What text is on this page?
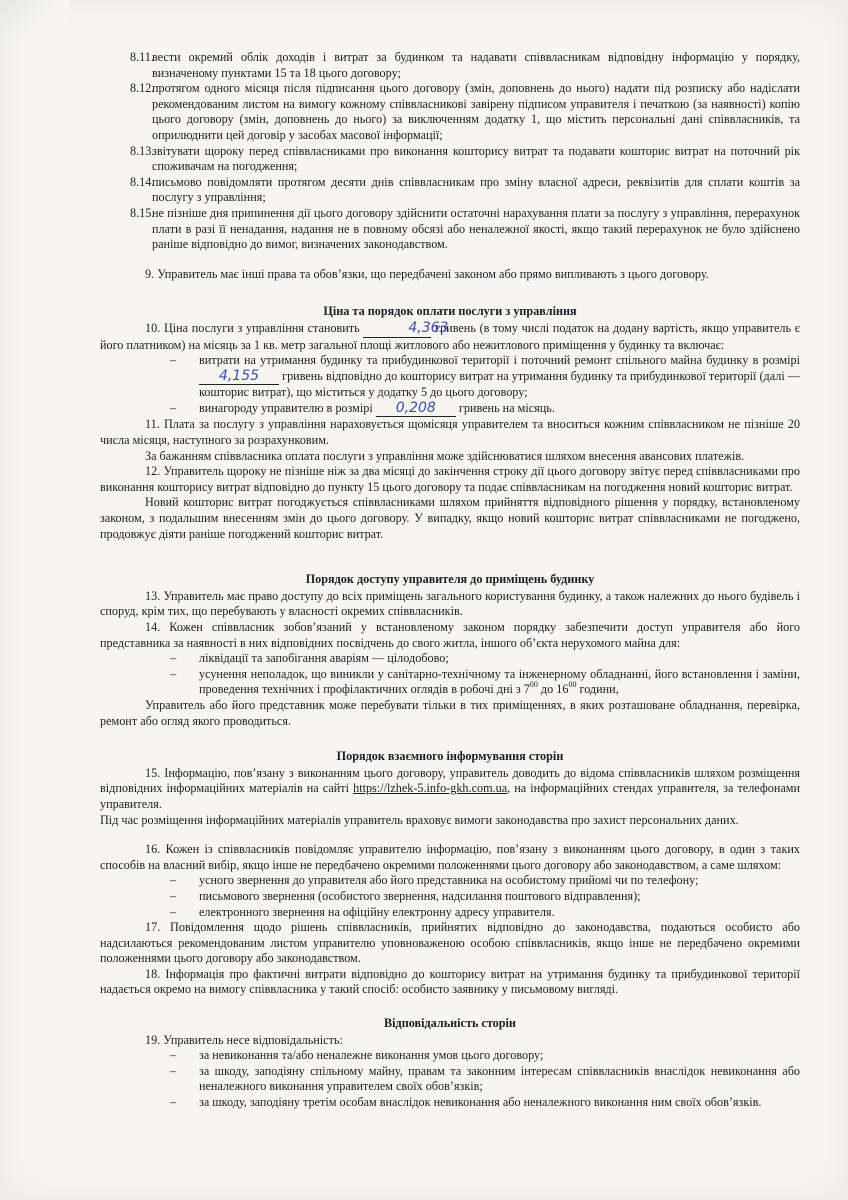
8.11.
вести окремий облік доходів і витрат за будинком та надавати співвласникам відповідну інформацію у порядку, визначеному пунктами 15 та 18 цього договору;
8.12.
протягом одного місяця після підписання цього договору (змін, доповнень до нього) надати під розписку або надіслати рекомендованим листом на вимогу кожному співвласникові завірену підписом управителя і печаткою (за наявності) копію цього договору (змін, доповнень до нього) за виключенням додатку 1, що містить персональні дані співвласників, та оприлюднити цей договір у засобах масової інформації;
8.13.
звітувати щороку перед співвласниками про виконання кошторису витрат та подавати кошторис витрат на поточний рік споживачам на погодження;
8.14.
письмово повідомляти протягом десяти днів співвласникам про зміну власної адреси, реквізитів для сплати коштів за послугу з управління;
8.15.
не пізніше дня припинення дії цього договору здійснити остаточні нарахування плати за послугу з управління, перерахунок плати в разі її ненадання, надання не в повному обсязі або неналежної якості, якщо такий перерахунок не було здійснено раніше відповідно до вимог, визначених законодавством.
9. Управитель має інші права та обов’язки, що передбачені законом або прямо випливають з цього договору.
Ціна та порядок оплати послуги з управління
10. Ціна послуги з управління становить	4,363 гривень (в тому числі податок на додану вартість, якщо управитель є його платником) на місяць за 1 кв. метр загальної площі житлового або нежитлового приміщення у будинку та включає:
– витрати на утримання будинку та прибудинкової території і поточний ремонт спільного майна будинку в розмірі 4,155 гривень відповідно до кошторису витрат на утримання будинку та прибудинкової території (далі — кошторис витрат), що міститься у додатку 5 до цього договору;
– винагороду управителю в розмірі 0,208 гривень на місяць.
11. Плата за послугу з управління нараховується щомісяця управителем та вноситься кожним співвласником не пізніше 20 числа місяця, наступного за розрахунковим.
За бажанням співвласника оплата послуги з управління може здійснюватися шляхом внесення авансових платежів.
12. Управитель щороку не пізніше ніж за два місяці до закінчення строку дії цього договору звітує перед співвласниками про виконання кошторису витрат відповідно до пункту 15 цього договору та подає співвласникам на погодження новий кошторис витрат.
Новий кошторис витрат погоджується співвласниками шляхом прийняття відповідного рішення у порядку, встановленому законом, з подальшим внесенням змін до цього договору. У випадку, якщо новий кошторис витрат співвласниками не погоджено, продовжує діяти раніше погоджений кошторис витрат.
Порядок доступу управителя до приміщень будинку
13. Управитель має право доступу до всіх приміщень загального користування будинку, а також належних до нього будівель і споруд, крім тих, що перебувають у власності окремих співвласників.
14. Кожен співвласник зобов’язаний у встановленому законом порядку забезпечити доступ управителя або його представника за наявності в них відповідних посвідчень до свого житла, іншого об’єкта нерухомого майна для:
– ліквідації та запобігання аваріям — цілодобово;
– усунення неполадок, що виникли у санітарно-технічному та інженерному обладнанні, його встановлення і заміни, проведення технічних і профілактичних оглядів в робочі дні з $7^{00}$ до $16^{00}$ години,
Управитель або його представник може перебувати тільки в тих приміщеннях, в яких розташоване обладнання, перевірка, ремонт або огляд якого проводиться.
Порядок взаємного інформування сторін
15. Інформацію, пов’язану з виконанням цього договору, управитель доводить до відома співвласників шляхом розміщення відповідних інформаційних матеріалів на сайті https://lzhek-5.info-gkh.com.ua, на інформаційних стендах управителя, за телефонами управителя.
Під час розміщення інформаційних матеріалів управитель враховує вимоги законодавства про захист персональних даних.
16. Кожен із співвласників повідомляє управителю інформацію, пов’язану з виконанням цього договору, в один з таких способів на власний вибір, якщо інше не передбачено окремими положеннями цього договору або законодавством, а саме шляхом:
– усного звернення до управителя або його представника на особистому прийомі чи по телефону;
– письмового звернення (особистого звернення, надсилання поштового відправлення);
– електронного звернення на офіційну електронну адресу управителя.
17. Повідомлення щодо рішень співвласників, прийнятих відповідно до законодавства, подаються особисто або надсилаються рекомендованим листом управителю уповноваженою особою співвласників, якщо інше не передбачено окремими положеннями цього договору або законодавством.
18. Інформація про фактичні витрати відповідно до кошторису витрат на утримання будинку та прибудинкової території надається окремо на вимогу співвласника у такий спосіб: особисто заявнику у письмовому вигляді.
Відповідальність сторін
19. Управитель несе відповідальність:
– за невиконання та/або неналежне виконання умов цього договору;
– за шкоду, заподіяну спільному майну, правам та законним інтересам співвласників внаслідок невиконання або неналежного виконання управителем своїх обов’язків;
– за шкоду, заподіяну третім особам внаслідок невиконання або неналежного виконання ним своїх обов’язків.
